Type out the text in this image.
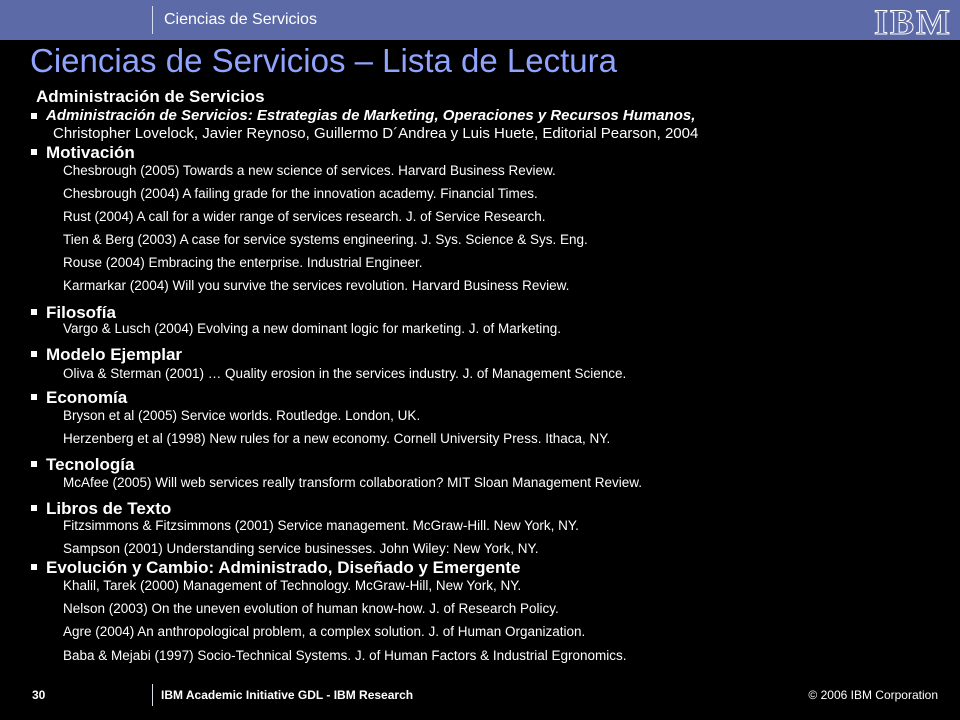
Ciencias de Servicios	IBM
Ciencias de Servicios – Lista de Lectura
Administración de Servicios
Administración de Servicios: Estrategias de Marketing, Operaciones y Recursos Humanos,
Christopher Lovelock, Javier Reynoso, Guillermo D´Andrea y Luis Huete, Editorial Pearson, 2004
Motivación
Chesbrough (2005) Towards a new science of services. Harvard Business Review.
Chesbrough (2004) A failing grade for the innovation academy. Financial Times.
Rust (2004) A call for a wider range of services research. J. of Service Research.
Tien & Berg (2003) A case for service systems engineering. J. Sys. Science & Sys. Eng.
Rouse (2004) Embracing the enterprise. Industrial Engineer.
Karmarkar (2004) Will you survive the services revolution. Harvard Business Review.
Filosofía
Vargo & Lusch (2004) Evolving a new dominant logic for marketing. J. of Marketing.
Modelo Ejemplar
Oliva & Sterman (2001) … Quality erosion in the services industry. J. of Management Science.
Economía
Bryson et al (2005) Service worlds. Routledge. London, UK.
Herzenberg et al (1998) New rules for a new economy. Cornell University Press. Ithaca, NY.
Tecnología
McAfee (2005) Will web services really transform collaboration? MIT Sloan Management Review.
Libros de Texto
Fitzsimmons & Fitzsimmons (2001) Service management. McGraw-Hill. New York, NY.
Sampson (2001) Understanding service businesses. John Wiley: New York, NY.
Evolución y Cambio: Administrado, Diseñado y Emergente
Khalil, Tarek (2000) Management of Technology. McGraw-Hill, New York, NY.
Nelson (2003) On the uneven evolution of human know-how. J. of Research Policy.
Agre (2004) An anthropological problem, a complex solution. J. of Human Organization.
Baba & Mejabi (1997) Socio-Technical Systems. J. of Human Factors & Industrial Egronomics.
30	IBM Academic Initiative GDL - IBM Research	© 2006 IBM Corporation
